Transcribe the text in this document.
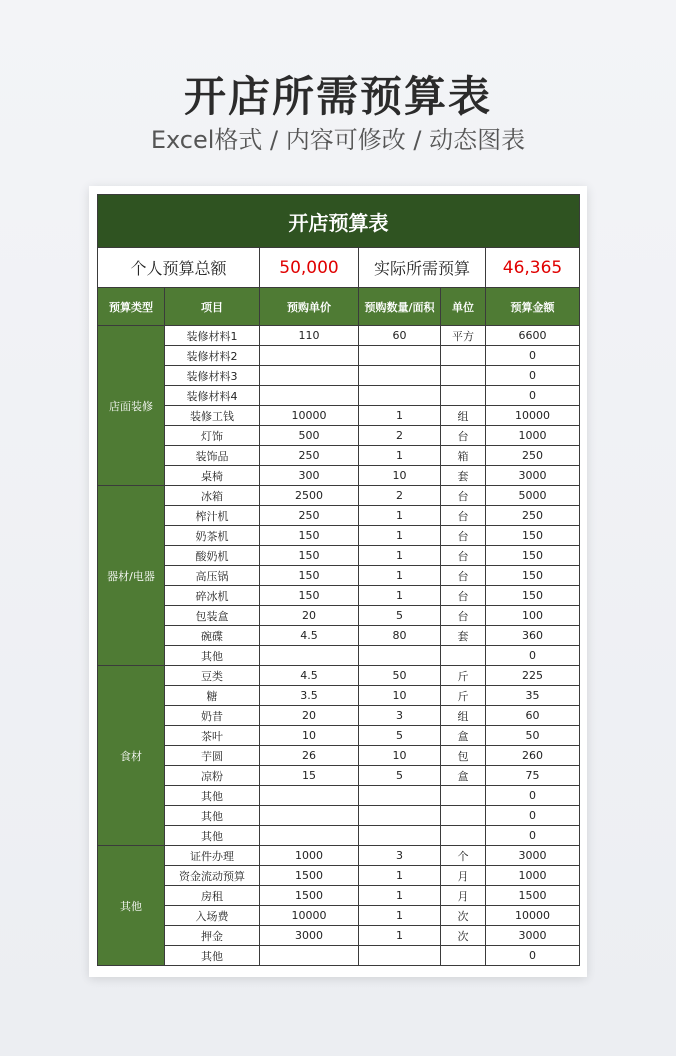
开店所需预算表
Excel格式 / 内容可修改 / 动态图表
开店预算表					
个人预算总额		50,000	实际所需预算		46,365
预算类型	项目	预购单价	预购数量/面积	单位	预算金额
店面装修	装修材料1	110	60	平方	6600
	装修材料2				0
	装修材料3				0
	装修材料4				0
	装修工钱	10000	1	组	10000
	灯饰	500	2	台	1000
	装饰品	250	1	箱	250
	桌椅	300	10	套	3000
器材/电器	冰箱	2500	2	台	5000
	榨汁机	250	1	台	250
	奶茶机	150	1	台	150
	酸奶机	150	1	台	150
	高压锅	150	1	台	150
	碎冰机	150	1	台	150
	包装盒	20	5	台	100
	碗碟	4.5	80	套	360
	其他				0
食材	豆类	4.5	50	斤	225
	糖	3.5	10	斤	35
	奶昔	20	3	组	60
	茶叶	10	5	盒	50
	芋圆	26	10	包	260
	凉粉	15	5	盒	75
	其他				0
	其他				0
	其他				0
其他	证件办理	1000	3	个	3000
	资金流动预算	1500	1	月	1000
	房租	1500	1	月	1500
	入场费	10000	1	次	10000
	押金	3000	1	次	3000
	其他				0
